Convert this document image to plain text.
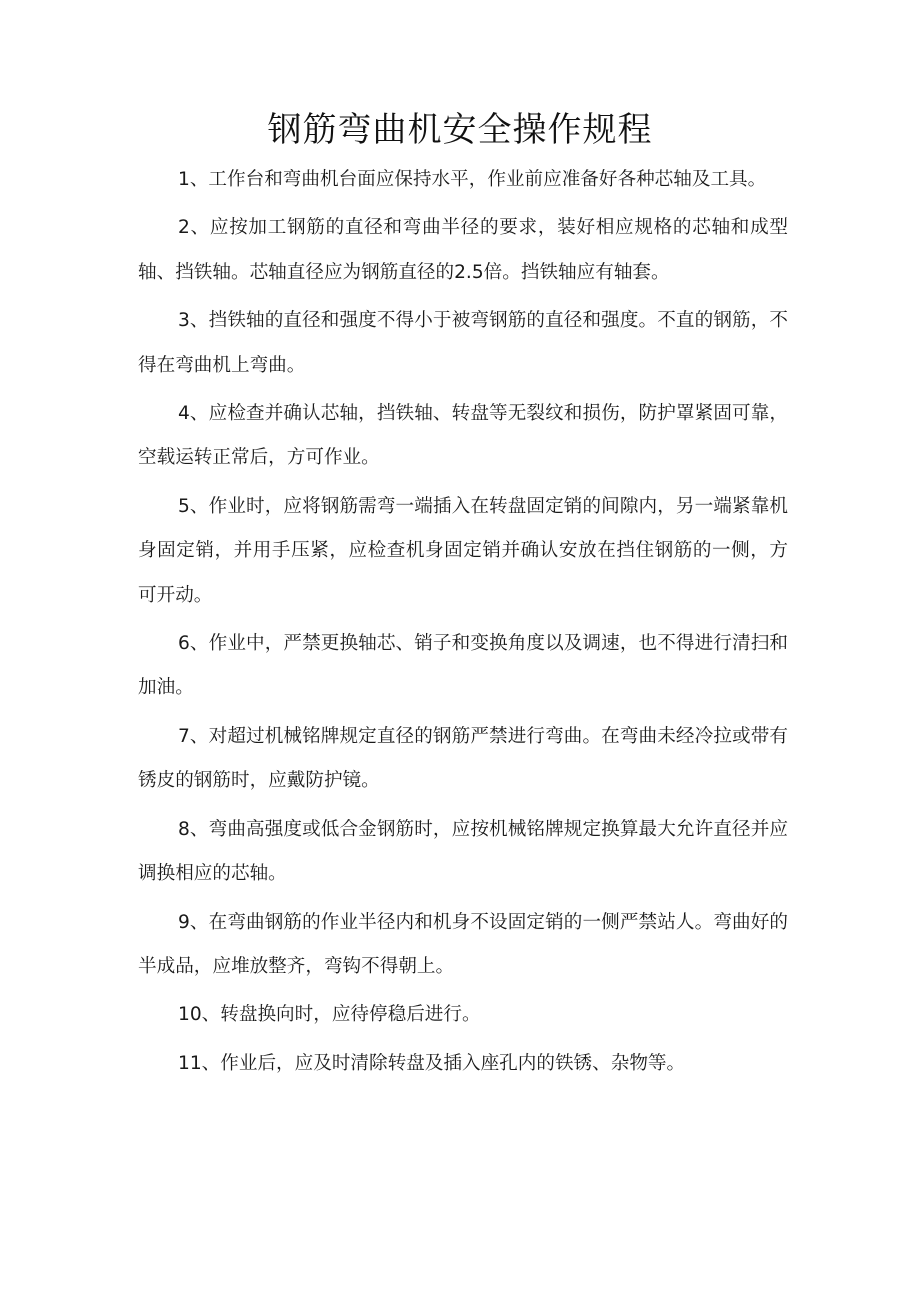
钢筋弯曲机安全操作规程

1、工作台和弯曲机台面应保持水平，作业前应准备好各种芯轴及工具。

2、应按加工钢筋的直径和弯曲半径的要求，装好相应规格的芯轴和成型轴、挡铁轴。芯轴直径应为钢筋直径的2.5倍。挡铁轴应有轴套。

3、挡铁轴的直径和强度不得小于被弯钢筋的直径和强度。不直的钢筋，不得在弯曲机上弯曲。

4、应检查并确认芯轴，挡铁轴、转盘等无裂纹和损伤，防护罩紧固可靠，空载运转正常后，方可作业。

5、作业时，应将钢筋需弯一端插入在转盘固定销的间隙内，另一端紧靠机身固定销，并用手压紧，应检查机身固定销并确认安放在挡住钢筋的一侧，方可开动。

6、作业中，严禁更换轴芯、销子和变换角度以及调速，也不得进行清扫和加油。

7、对超过机械铭牌规定直径的钢筋严禁进行弯曲。在弯曲未经冷拉或带有锈皮的钢筋时，应戴防护镜。

8、弯曲高强度或低合金钢筋时，应按机械铭牌规定换算最大允许直径并应调换相应的芯轴。

9、在弯曲钢筋的作业半径内和机身不设固定销的一侧严禁站人。弯曲好的半成品，应堆放整齐，弯钩不得朝上。

10、转盘换向时，应待停稳后进行。

11、作业后，应及时清除转盘及插入座孔内的铁锈、杂物等。
